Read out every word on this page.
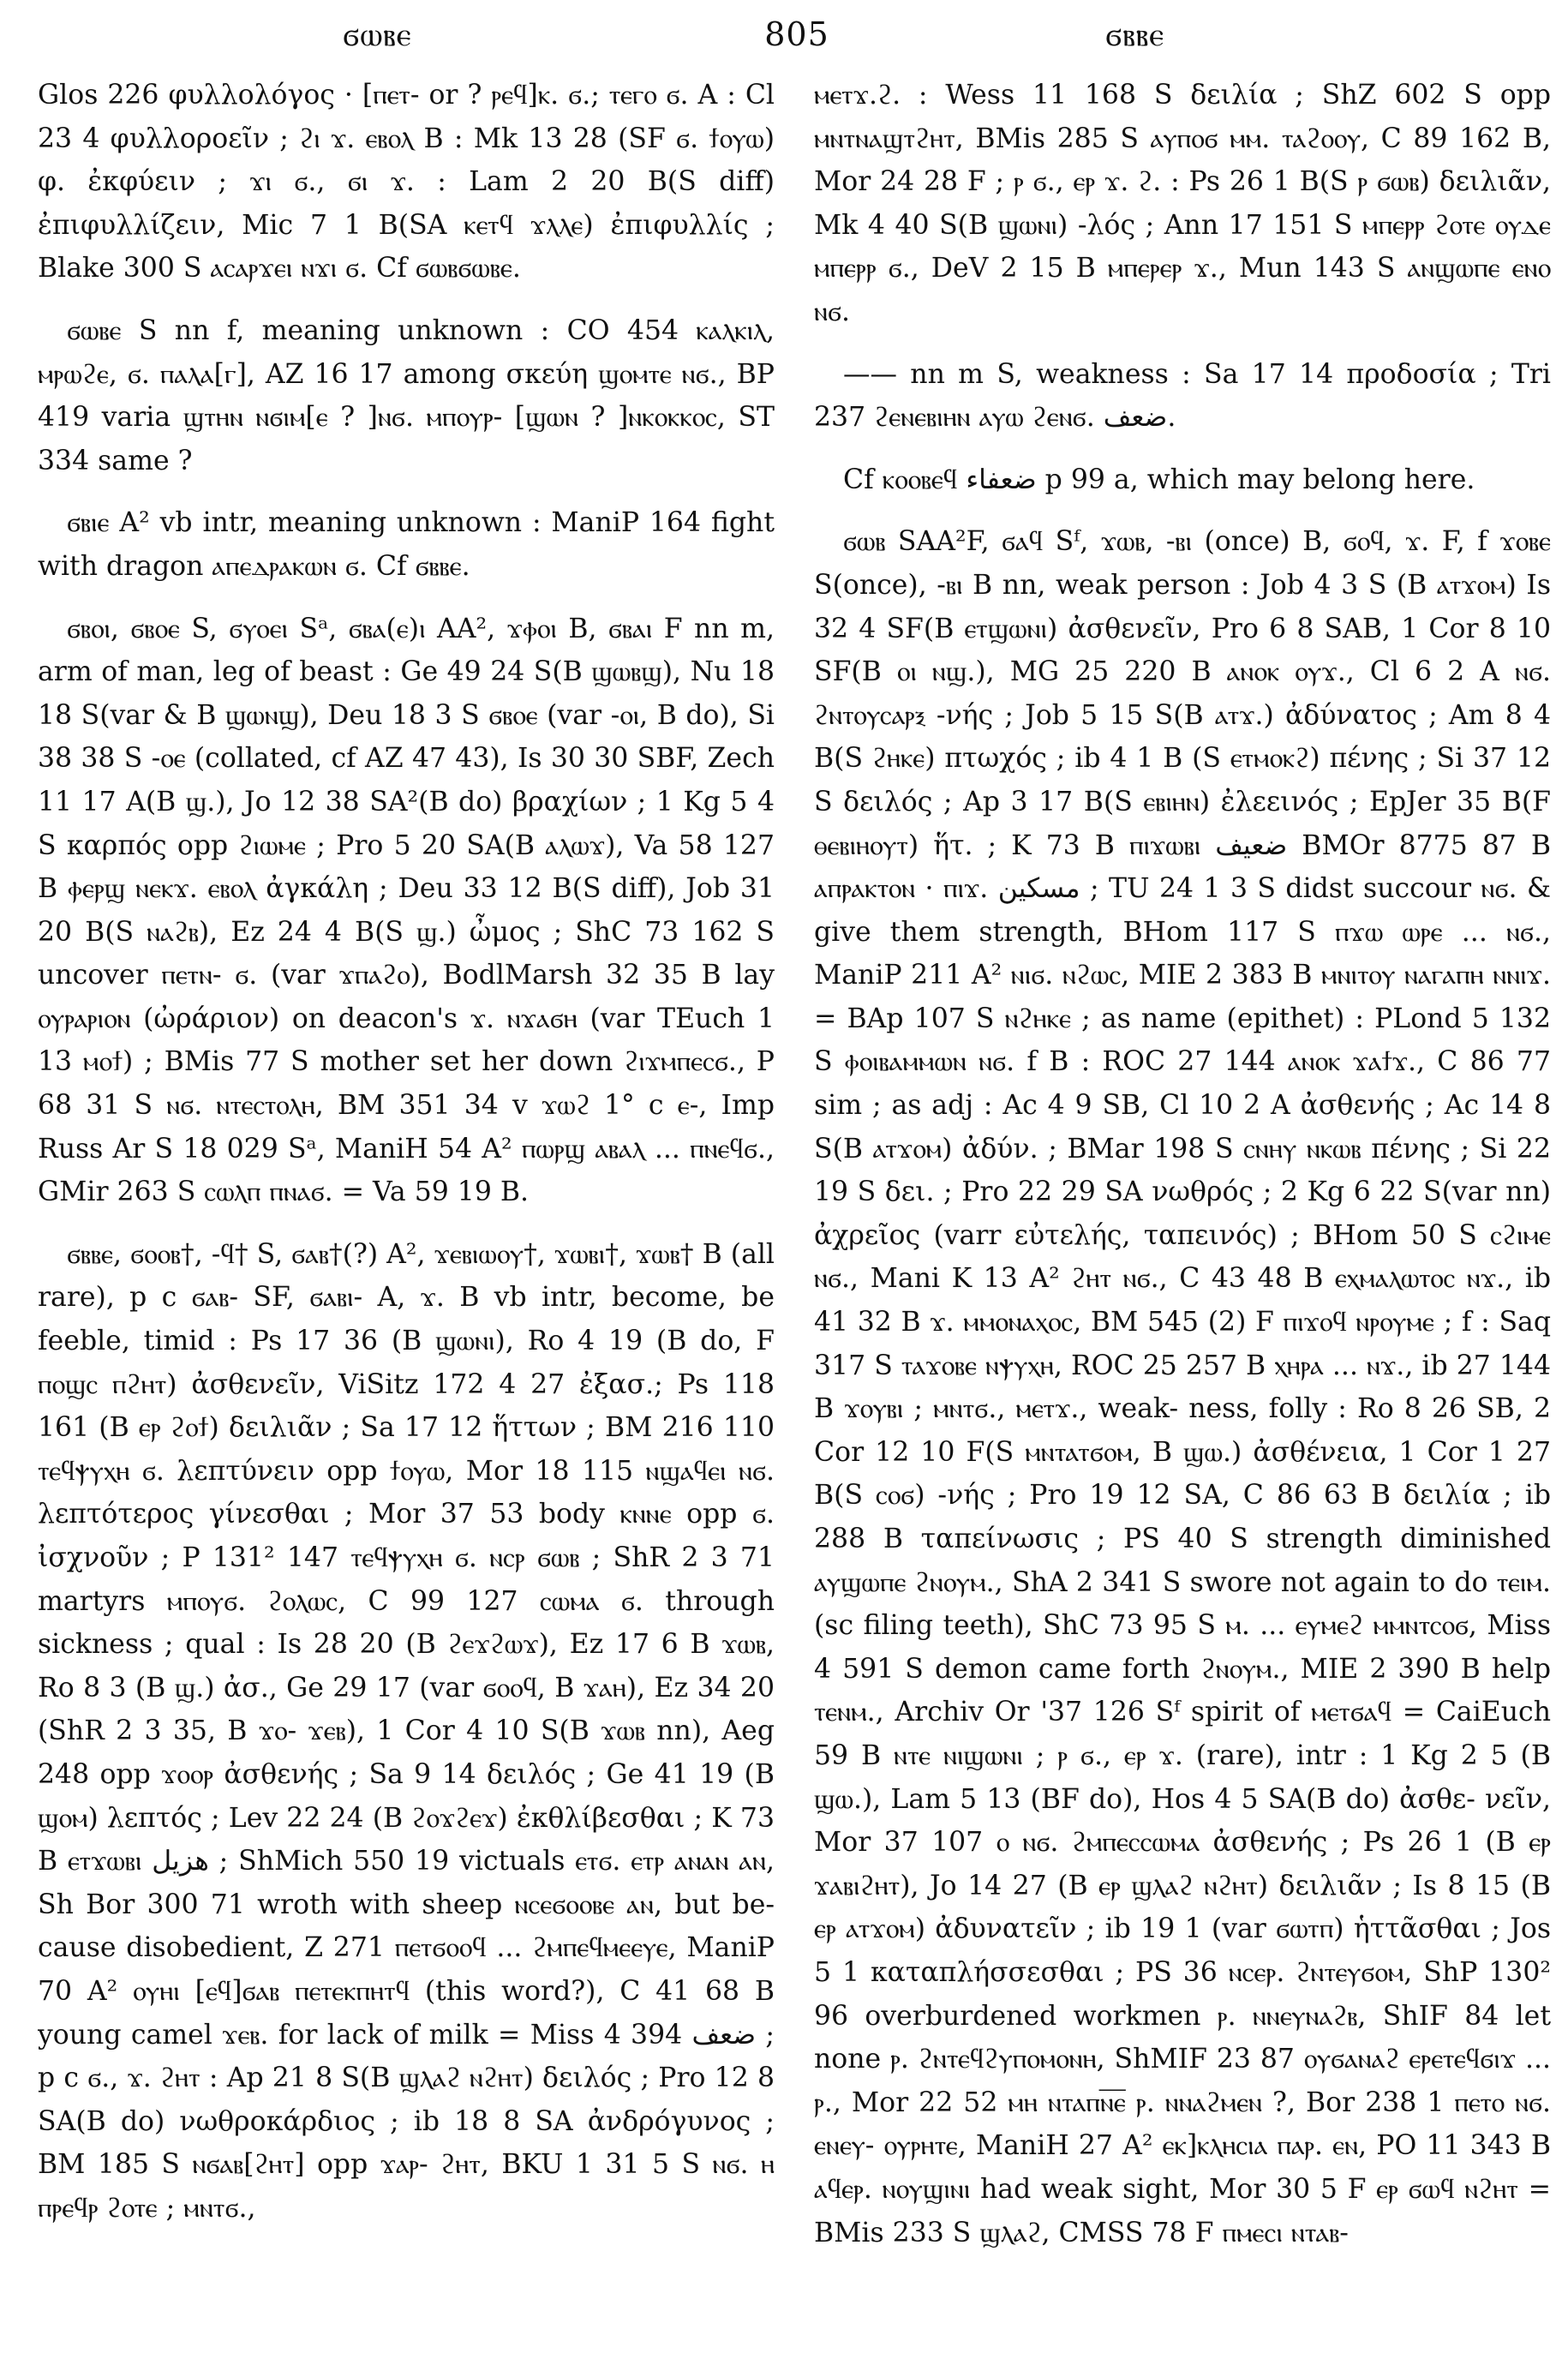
ϭⲱⲃⲉ	805	ϭⲃⲃⲉ

Glos 226 φυλλολόγος · [ⲡⲉⲧ- or ? ⲣⲉϥ]ⲕ. ϭ.; ⲧⲉⲅⲟ ϭ. A : Cl 23 4 φυλλοροεῖν ; ϩⲓ ϫ. ⲉⲃⲟⲗ B : Mk 13 28 (SF ϭ. ϯⲟⲩⲱ) φ. ἐκφύειν ; ϫⲓ ϭ., ϭⲓ ϫ. : Lam 2 20 B(S diff) ἐπιφυλλίζειν, Mic 7 1 B(SA ⲕⲉⲧϥ ϫⲗⲗⲉ) ἐπιφυλλίς ; Blake 300 S ⲁⲥⲁⲣϫⲉⲓ ⲛϫⲓ ϭ. Cf ϭⲱⲃϭⲱⲃⲉ.

ϭⲱⲃⲉ S nn f, meaning unknown : CO 454 ⲕⲁⲗⲕⲓⲗ, ⲙⲣⲱϩⲉ, ϭ. ⲡⲁⲗⲁ[ⲅ], AZ 16 17 among σκεύη ϣⲟⲙⲧⲉ ⲛϭ., BP 419 varia ϣⲧⲏⲛ ⲛϭⲓⲙ[ⲉ ? ]ⲛϭ. ⲙⲡⲟⲩⲣ- [ϣⲱⲛ ? ]ⲛⲕⲟⲕⲕⲟⲥ, ST 334 same ?

ϭⲃⲓⲉ A² vb intr, meaning unknown : ManiP 164 fight with dragon ⲁⲡⲉⲇⲣⲁⲕⲱⲛ ϭ. Cf ϭⲃⲃⲉ.

ϭⲃⲟⲓ, ϭⲃⲟⲉ S, ϭⲩⲟⲉⲓ Sᵃ, ϭⲃⲁ(ⲉ)ⲓ AA², ϫⲫⲟⲓ B, ϭⲃⲁⲓ F nn m, arm of man, leg of beast : Ge 49 24 S(B ϣⲱⲃϣ), Nu 18 18 S(var & B ϣⲱⲛϣ), Deu 18 3 S ϭⲃⲟⲉ (var -ⲟⲓ, B do), Si 38 38 S -ⲟⲉ (collated, cf AZ 47 43), Is 30 30 SBF, Zech 11 17 A(B ϣ.), Jo 12 38 SA²(B do) βραχίων ; 1 Kg 5 4 S καρπός opp ϩⲓⲱⲙⲉ ; Pro 5 20 SA(B ⲁⲗⲱϫ), Va 58 127 B ⲫⲉⲣϣ ⲛⲉⲕϫ. ⲉⲃⲟⲗ ἀγκάλη ; Deu 33 12 B(S diff), Job 31 20 B(S ⲛⲁϩⲃ), Ez 24 4 B(S ϣ.) ὦμος ; ShC 73 162 S uncover ⲡⲉⲧⲛ- ϭ. (var ϫⲡⲁϩⲟ), BodlMarsh 32 35 B lay ⲟⲩⲣⲁⲣⲓⲟⲛ (ὠράριον) on deacon's ϫ. ⲛϫⲁϭⲏ (var TEuch 1 13 ⲙⲟϯ) ; BMis 77 S mother set her down ϩⲓϫⲙⲡⲉⲥϭ., P 68 31 S ⲛϭ. ⲛⲧⲉⲥⲧⲟⲗⲏ, BM 351 34 v ϫⲱϩ 1° c ⲉ-, Imp Russ Ar S 18 029 Sᵃ, ManiH 54 A² ⲡⲱⲣϣ ⲁⲃⲁⲗ ... ⲡⲛⲉϥϭ., GMir 263 S ⲥⲱⲗⲡ ⲡⲛⲁϭ. = Va 59 19 B.

ϭⲃⲃⲉ, ϭⲟⲟⲃ†, -ϥ† S, ϭⲁⲃ†(?) A², ϫⲉⲃⲓⲱⲟⲩ†, ϫⲱⲃⲓ†, ϫⲱⲃ† B (all rare), p c ϭⲁⲃ- SF, ϭⲁⲃⲓ- A, ϫ. B vb intr, become, be feeble, timid : Ps 17 36 (B ϣⲱⲛⲓ), Ro 4 19 (B do, F ⲡⲟϣⲥ ⲡϩⲏⲧ) ἀσθενεῖν, ViSitz 172 4 27 ἐξασ.; Ps 118 161 (B ⲉⲣ ϩⲟϯ) δειλιᾶν ; Sa 17 12 ἥττων ; BM 216 110 ⲧⲉϥⲯⲩⲭⲏ ϭ. λεπτύνειν opp ϯⲟⲩⲱ, Mor 18 115 ⲛϣⲁϥⲉⲓ ⲛϭ. λεπτότερος γίνεσθαι ; Mor 37 53 body ⲕⲛⲛⲉ opp ϭ. ἰσχνοῦν ; P 131² 147 ⲧⲉϥⲯⲩⲭⲏ ϭ. ⲛⲥⲣ ϭⲱⲃ ; ShR 2 3 71 martyrs ⲙⲡⲟⲩϭ. ϩⲟⲗⲱⲥ, C 99 127 ⲥⲱⲙⲁ ϭ. through sickness ; qual : Is 28 20 (B ϩⲉϫϩⲱϫ), Ez 17 6 B ϫⲱⲃ, Ro 8 3 (B ϣ.) ἀσ., Ge 29 17 (var ϭⲟⲟϥ, B ϫⲁⲏ), Ez 34 20 (ShR 2 3 35, B ϫⲟ- ϫⲉⲃ), 1 Cor 4 10 S(B ϫⲱⲃ nn), Aeg 248 opp ϫⲟⲟⲣ ἀσθενής ; Sa 9 14 δειλός ; Ge 41 19 (B ϣⲟⲙ) λεπτός ; Lev 22 24 (B ϩⲟϫϩⲉϫ) ἐκθλίβεσθαι ; K 73 B ⲉⲧϫⲱⲃⲓ ﻫﺰﻳﻞ ; ShMich 550 19 victuals ⲉⲧϭ. ⲉⲧⲣ ⲁⲛⲁⲛ ⲁⲛ, Sh Bor 300 71 wroth with sheep ⲛⲥⲉϭⲟⲟⲃⲉ ⲁⲛ, but be- cause disobedient, Z 271 ⲡⲉⲧϭⲟⲟϥ ... ϩⲙⲡⲉϥⲙⲉⲉⲩⲉ, ManiP 70 A² ⲟⲩⲏⲓ [ⲉϥ]ϭⲁⲃ ⲡⲉⲧⲉⲕⲡⲏⲧϥ (this word?), C 41 68 B young camel ϫⲉⲃ. for lack of milk = Miss 4 394 ﺿﻌﻒ ; p c ϭ., ϫ. ϩⲏⲧ : Ap 21 8 S(B ϣⲗⲁϩ ⲛϩⲏⲧ) δειλός ; Pro 12 8 SA(B do) νωθροκάρδιος ; ib 18 8 SA ἀνδρόγυνος ; BM 185 S ⲛϭⲁⲃ[ϩⲏⲧ] opp ϫⲁⲣ- ϩⲏⲧ, BKU 1 31 5 S ⲛϭ. ⲏ ⲡⲣⲉϥⲣ ϩⲟⲧⲉ ; ⲙⲛⲧϭ.,

ⲙⲉⲧϫ.ϩ. : Wess 11 168 S δειλία ; ShZ 602 S opp ⲙⲛⲧⲛⲁϣⲧϩⲏⲧ, BMis 285 S ⲁⲩⲡⲟϭ ⲙⲙ. ⲧⲁϩⲟⲟⲩ, C 89 162 B, Mor 24 28 F ; ⲣ ϭ., ⲉⲣ ϫ. ϩ. : Ps 26 1 B(S ⲣ ϭⲱⲃ) δειλιᾶν, Mk 4 40 S(B ϣⲱⲛⲓ) -λός ; Ann 17 151 S ⲙⲡⲉⲣⲣ ϩⲟⲧⲉ ⲟⲩⲇⲉ ⲙⲡⲉⲣⲣ ϭ., DeV 2 15 B ⲙⲡⲉⲣⲉⲣ ϫ., Mun 143 S ⲁⲛϣⲱⲡⲉ ⲉⲛⲟ ⲛϭ.

—— nn m S, weakness : Sa 17 14 προδοσία ; Tri 237 ϩⲉⲛⲉⲃⲓⲏⲛ ⲁⲩⲱ ϩⲉⲛϭ. ﺿﻌﻒ.

Cf ⲕⲟⲟⲃⲉϥ ﺿﻌﻔﺎء p 99 a, which may belong here.

ϭⲱⲃ SAA²F, ϭⲁϥ Sᶠ, ϫⲱⲃ, -ⲃⲓ (once) B, ϭⲟϥ, ϫ. F, f ϫⲟⲃⲉ S(once), -ⲃⲓ B nn, weak person : Job 4 3 S (B ⲁⲧϫⲟⲙ) Is 32 4 SF(B ⲉⲧϣⲱⲛⲓ) ἀσθενεῖν, Pro 6 8 SAB, 1 Cor 8 10 SF(B ⲟⲓ ⲛϣ.), MG 25 220 B ⲁⲛⲟⲕ ⲟⲩϫ., Cl 6 2 A ⲛϭ. ϩⲛⲧⲟⲩⲥⲁⲣⲝ -νής ; Job 5 15 S(B ⲁⲧϫ.) ἀδύνατος ; Am 8 4 B(S ϩⲏⲕⲉ) πτωχός ; ib 4 1 B (S ⲉⲧⲙⲟⲕϩ) πένης ; Si 37 12 S δειλός ; Ap 3 17 B(S ⲉⲃⲓⲏⲛ) ἐλεεινός ; EpJer 35 B(F ⲑⲉⲃⲓⲏⲟⲩⲧ) ἥτ. ; K 73 B ⲡⲓϫⲱⲃⲓ ﺿﻌﻴﻒ BMOr 8775 87 B ⲁⲡⲣⲁⲕⲧⲟⲛ · ⲡⲓϫ. ﻣﺴﻜﻴﻦ ; TU 24 1 3 S didst succour ⲛϭ. & give them strength, BHom 117 S ⲡϫⲱ ⲱⲣⲉ ... ⲛϭ., ManiP 211 A² ⲛⲓϭ. ⲛϩⲱⲥ, MIE 2 383 B ⲙⲛⲓⲧⲟⲩ ⲛⲁⲅⲁⲡⲏ ⲛⲛⲓϫ. = BAp 107 S ⲛϩⲏⲕⲉ ; as name (epithet) : PLond 5 132 S ⲫⲟⲓⲃⲁⲙⲙⲱⲛ ⲛϭ. f B : ROC 27 144 ⲁⲛⲟⲕ ϫⲁϯϫ., C 86 77 sim ; as adj : Ac 4 9 SB, Cl 10 2 A ἀσθενής ; Ac 14 8 S(B ⲁⲧϫⲟⲙ) ἀδύν. ; BMar 198 S ⲥⲛⲏⲩ ⲛⲕⲱⲃ πένης ; Si 22 19 S δει. ; Pro 22 29 SA νωθρός ; 2 Kg 6 22 S(var nn) ἀχρεῖος (varr εὐτελής, ταπεινός) ; BHom 50 S ⲥϩⲓⲙⲉ ⲛϭ., Mani K 13 A² ϩⲏⲧ ⲛϭ., C 43 48 B ⲉⲭⲙⲁⲗⲱⲧⲟⲥ ⲛϫ., ib 41 32 B ϫ. ⲙⲙⲟⲛⲁⲭⲟⲥ, BM 545 (2) F ⲡⲓϫⲟϥ ⲛⲣⲟⲩⲙⲉ ; f : Saq 317 S ⲧⲁϫⲟⲃⲉ ⲛⲯⲩⲭⲏ, ROC 25 257 B ⲭⲏⲣⲁ ... ⲛϫ., ib 27 144 B ϫⲟⲩⲃⲓ ; ⲙⲛⲧϭ., ⲙⲉⲧϫ., weak- ness, folly : Ro 8 26 SB, 2 Cor 12 10 F(S ⲙⲛⲧⲁⲧϭⲟⲙ, B ϣⲱ.) ἀσθένεια, 1 Cor 1 27 B(S ⲥⲟϭ) -νής ; Pro 19 12 SA, C 86 63 B δειλία ; ib 288 B ταπείνωσις ; PS 40 S strength diminished ⲁⲩϣⲱⲡⲉ ϩⲛⲟⲩⲙ., ShA 2 341 S swore not again to do ⲧⲉⲓⲙ. (sc filing teeth), ShC 73 95 S ⲙ. ... ⲉⲩⲙⲉϩ ⲙⲙⲛⲧⲥⲟϭ, Miss 4 591 S demon came forth ϩⲛⲟⲩⲙ., MIE 2 390 B help ⲧⲉⲛⲙ., Archiv Or '37 126 Sᶠ spirit of ⲙⲉⲧϭⲁϥ = CaiEuch 59 B ⲛⲧⲉ ⲛⲓϣⲱⲛⲓ ; ⲣ ϭ., ⲉⲣ ϫ. (rare), intr : 1 Kg 2 5 (B ϣⲱ.), Lam 5 13 (BF do), Hos 4 5 SA(B do) ἀσθε- νεῖν, Mor 37 107 ⲟ ⲛϭ. ϩⲙⲡⲉⲥⲥⲱⲙⲁ ἀσθενής ; Ps 26 1 (B ⲉⲣ ϫⲁⲃⲓϩⲏⲧ), Jo 14 27 (B ⲉⲣ ϣⲗⲁϩ ⲛϩⲏⲧ) δειλιᾶν ; Is 8 15 (B ⲉⲣ ⲁⲧϫⲟⲙ) ἀδυνατεῖν ; ib 19 1 (var ϭⲱⲧⲡ) ἡττᾶσθαι ; Jos 5 1 καταπλήσσεσθαι ; PS 36 ⲛⲥⲉⲣ. ϩⲛⲧⲉⲩϭⲟⲙ, ShP 130² 96 overburdened workmen ⲣ. ⲛⲛⲉⲩⲛⲁϩⲃ, ShIF 84 let none ⲣ. ϩⲛⲧⲉϥϩⲩⲡⲟⲙⲟⲛⲏ, ShMIF 23 87 ⲟⲩϭⲁⲛⲁϩ ⲉⲣⲉⲧⲉϥϭⲓϫ ... ⲣ., Mor 22 52 ⲙⲏ ⲛⲧⲁⲡⲛ̅ⲉ̅ ⲣ. ⲛⲛⲁϩⲙⲉⲛ ?, Bor 238 1 ⲡⲉⲧⲟ ⲛϭ. ⲉⲛⲉⲩ- ⲟⲩⲣⲏⲧⲉ, ManiH 27 A² ⲉⲕ]ⲕⲗⲏⲥⲓⲁ ⲡⲁⲣ. ⲉⲛ, PO 11 343 B ⲁϥⲉⲣ. ⲛⲟⲩϣⲓⲛⲓ had weak sight, Mor 30 5 F ⲉⲣ ϭⲱϥ ⲛϩⲏⲧ = BMis 233 S ϣⲗⲁϩ, CMSS 78 F ⲡⲙⲉⲥⲓ ⲛⲧⲁⲃ-
